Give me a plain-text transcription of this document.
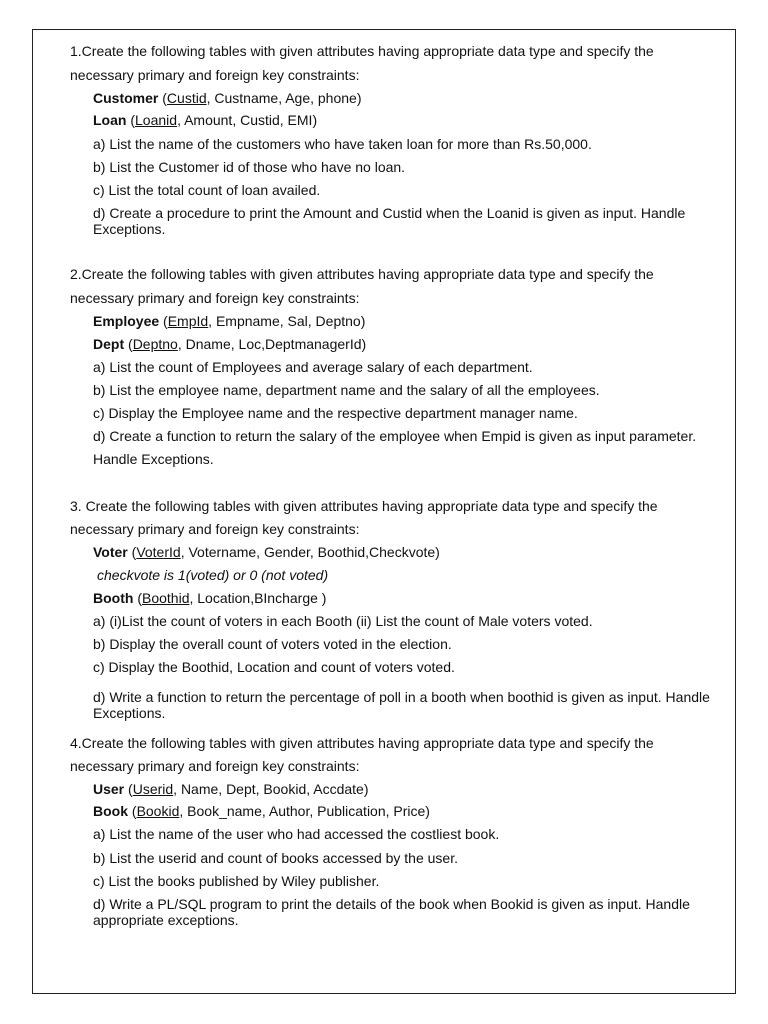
1.Create the following tables with given attributes having appropriate data type and specify the
necessary primary and foreign key constraints:
Customer (Custid, Custname, Age, phone)
Loan (Loanid, Amount, Custid, EMI)
a) List the name of the customers who have taken loan for more than Rs.50,000.
b) List the Customer id of those who have no loan.
c) List the total count of loan availed.
d) Create a procedure to print the Amount and Custid when the Loanid is given as input. Handle
Exceptions.
2.Create the following tables with given attributes having appropriate data type and specify the
necessary primary and foreign key constraints:
Employee (EmpId, Empname, Sal, Deptno)
Dept (Deptno, Dname, Loc,DeptmanagerId)
a) List the count of Employees and average salary of each department.
b) List the employee name, department name and the salary of all the employees.
c) Display the Employee name and the respective department manager name.
d) Create a function to return the salary of the employee when Empid is given as input parameter.
Handle Exceptions.
3. Create the following tables with given attributes having appropriate data type and specify the
necessary primary and foreign key constraints:
Voter (VoterId, Votername, Gender, Boothid,Checkvote)
checkvote is 1(voted) or 0 (not voted)
Booth (Boothid, Location,BIncharge )
a) (i)List the count of voters in each Booth (ii) List the count of Male voters voted.
b) Display the overall count of voters voted in the election.
c) Display the Boothid, Location and count of voters voted.
d) Write a function to return the percentage of poll in a booth when boothid is given as input. Handle
Exceptions.
4.Create the following tables with given attributes having appropriate data type and specify the
necessary primary and foreign key constraints:
User (Userid, Name, Dept, Bookid, Accdate)
Book (Bookid, Book_name, Author, Publication, Price)
a) List the name of the user who had accessed the costliest book.
b) List the userid and count of books accessed by the user.
c) List the books published by Wiley publisher.
d) Write a PL/SQL program to print the details of the book when Bookid is given as input. Handle
appropriate exceptions.
